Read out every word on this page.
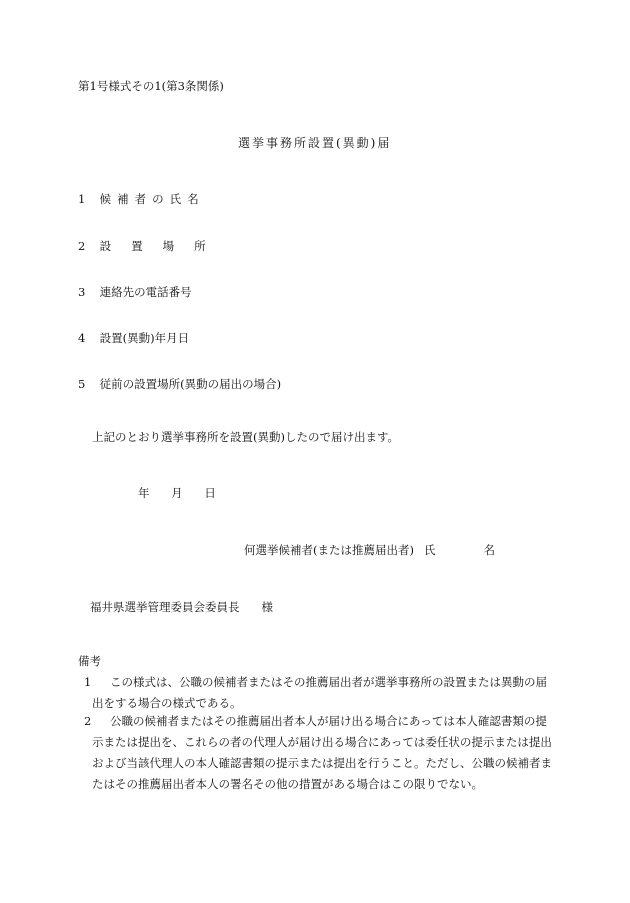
第1号様式その1(第3条関係)
選挙事務所設置(異動)届
1 候補者の氏名
2 設置場所
3 連絡先の電話番号
4 設置(異動)年月日
5 従前の設置場所(異動の届出の場合)
上記のとおり選挙事務所を設置(異動)したので届け出ます。
年 月 日
何選挙候補者(または推薦届出者) 氏	名
福井県選挙管理委員会委員長 様
備考
1 この様式は、公職の候補者またはその推薦届出者が選挙事務所の設置または異動の届出をする場合の様式である。
2 公職の候補者またはその推薦届出者本人が届け出る場合にあっては本人確認書類の提示または提出を、これらの者の代理人が届け出る場合にあっては委任状の提示または提出および当該代理人の本人確認書類の提示または提出を行うこと。ただし、公職の候補者またはその推薦届出者本人の署名その他の措置がある場合はこの限りでない。
